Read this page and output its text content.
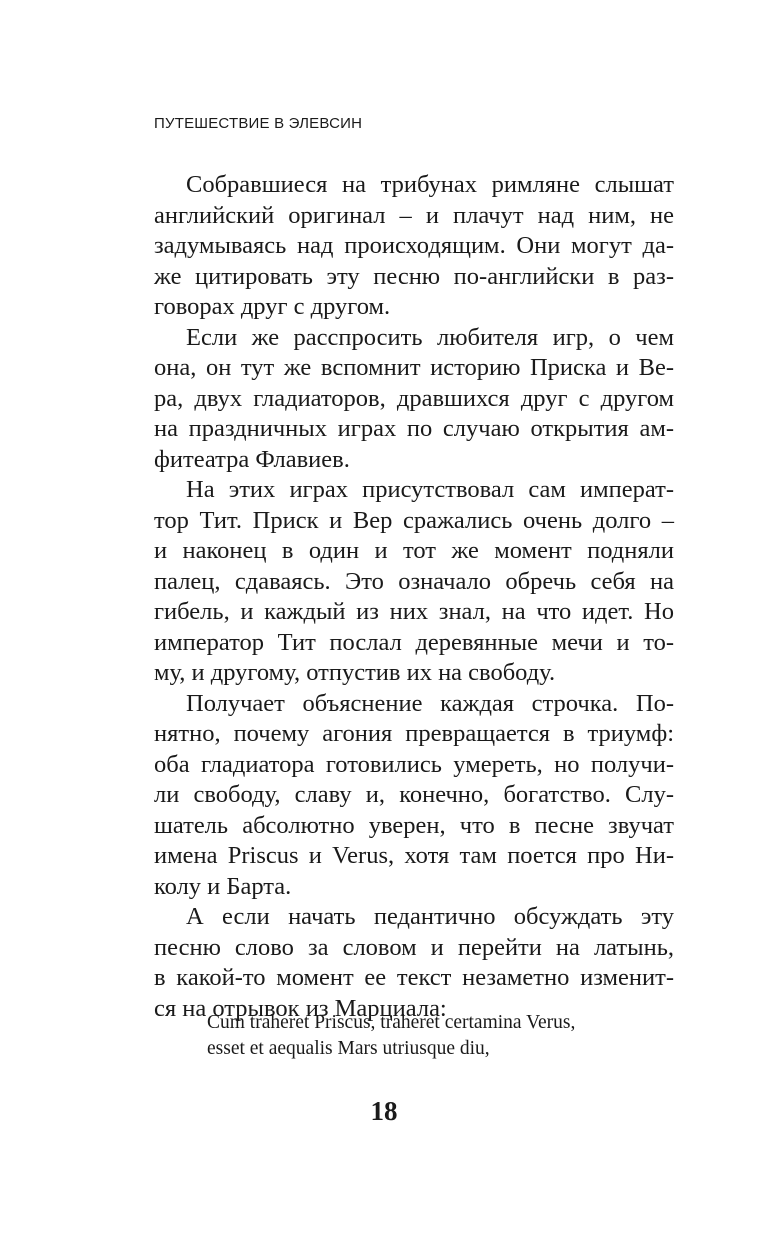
ПУТЕШЕСТВИЕ В ЭЛЕВСИН
Собравшиеся на трибунах римляне слышат
английский оригинал – и плачут над ним, не
задумываясь над происходящим. Они могут да-
же цитировать эту песню по-английски в раз-
говорах друг с другом.
Если же расспросить любителя игр, о чем
она, он тут же вспомнит историю Приска и Ве-
ра, двух гладиаторов, дравшихся друг с другом
на праздничных играх по случаю открытия ам-
фитеатра Флавиев.
На этих играх присутствовал сам императ-
тор Тит. Приск и Вер сражались очень долго –
и наконец в один и тот же момент подняли
палец, сдаваясь. Это означало обречь себя на
гибель, и каждый из них знал, на что идет. Но
император Тит послал деревянные мечи и то-
му, и другому, отпустив их на свободу.
Получает объяснение каждая строчка. По-
нятно, почему агония превращается в триумф:
оба гладиатора готовились умереть, но получи-
ли свободу, славу и, конечно, богатство. Слу-
шатель абсолютно уверен, что в песне звучат
имена Priscus и Verus, хотя там поется про Ни-
колу и Барта.
А если начать педантично обсуждать эту
песню слово за словом и перейти на латынь,
в какой-то момент ее текст незаметно изменит-
ся на отрывок из Марциала:
Cum traheret Priscus, traheret certamina Verus,
esset et aequalis Mars utriusque diu,
18
